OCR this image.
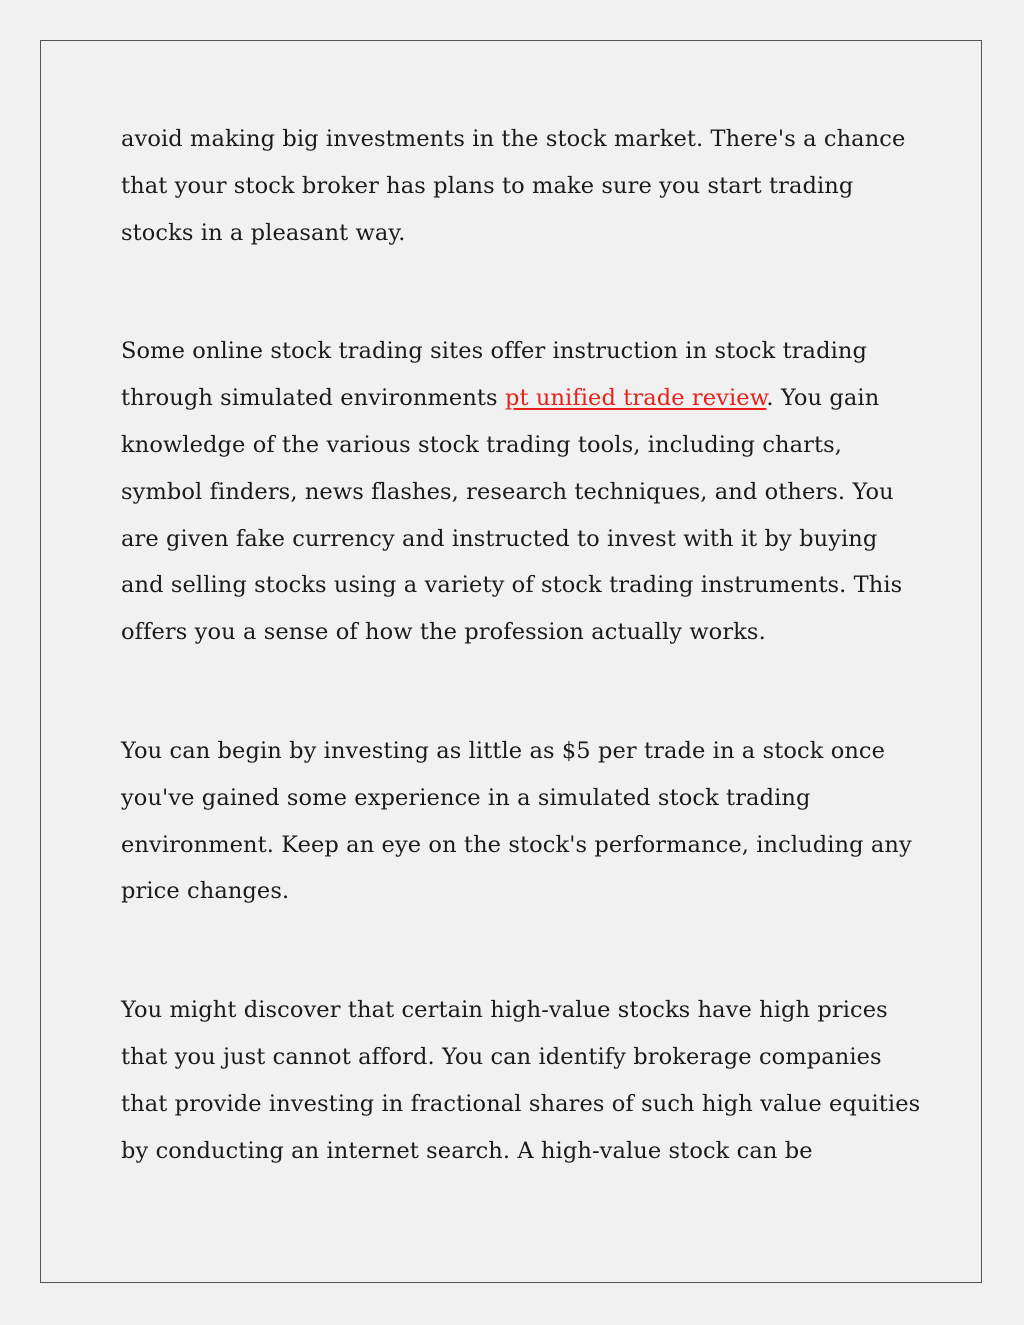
avoid making big investments in the stock market. There's a chance that your stock broker has plans to make sure you start trading stocks in a pleasant way.

Some online stock trading sites offer instruction in stock trading through simulated environments pt unified trade review. You gain knowledge of the various stock trading tools, including charts, symbol finders, news flashes, research techniques, and others. You are given fake currency and instructed to invest with it by buying and selling stocks using a variety of stock trading instruments. This offers you a sense of how the profession actually works.

You can begin by investing as little as $5 per trade in a stock once you've gained some experience in a simulated stock trading environment. Keep an eye on the stock's performance, including any price changes.

You might discover that certain high-value stocks have high prices that you just cannot afford. You can identify brokerage companies that provide investing in fractional shares of such high value equities by conducting an internet search. A high-value stock can be
